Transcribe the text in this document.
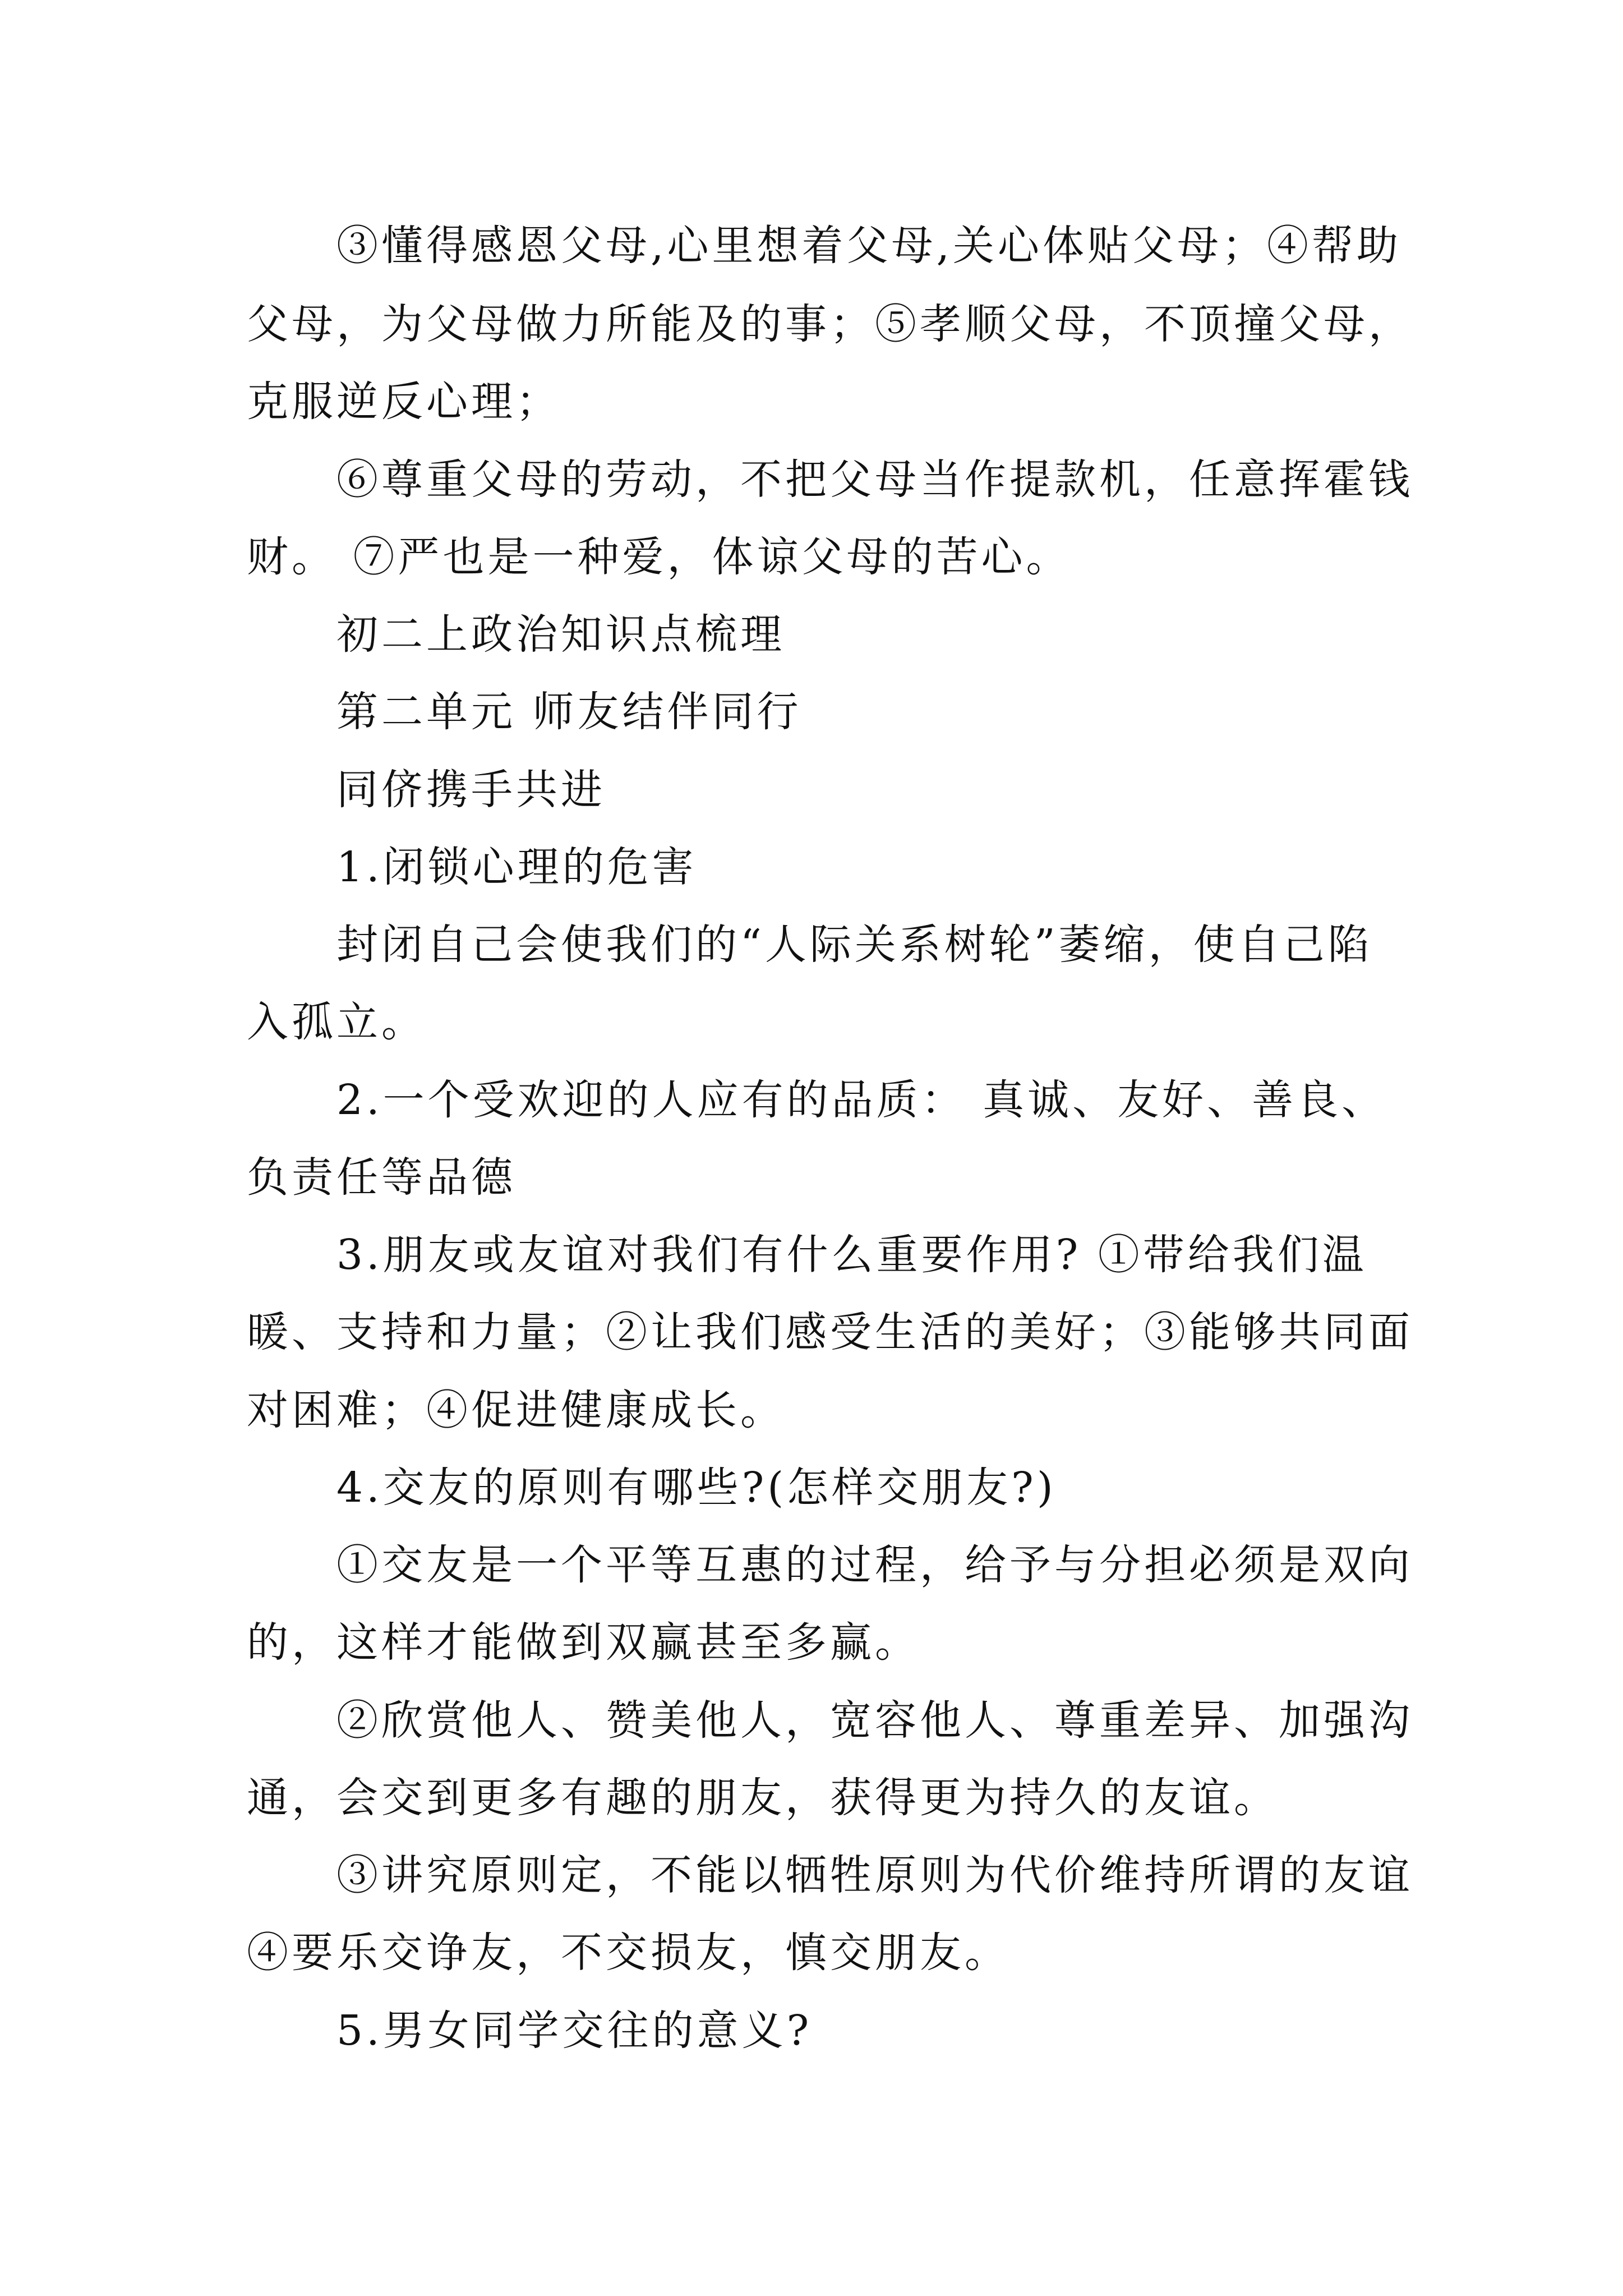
③懂得感恩父母,心里想着父母,关心体贴父母；④帮助

父母，为父母做力所能及的事；⑤孝顺父母，不顶撞父母，

克服逆反心理；

⑥尊重父母的劳动，不把父母当作提款机，任意挥霍钱

财。 ⑦严也是一种爱，体谅父母的苦心。

初二上政治知识点梳理

第二单元 师友结伴同行

同侪携手共进

1.闭锁心理的危害

封闭自己会使我们的“人际关系树轮”萎缩，使自己陷

入孤立。

2.一个受欢迎的人应有的品质： 真诚、友好、善良、

负责任等品德

3.朋友或友谊对我们有什么重要作用? ①带给我们温

暖、支持和力量；②让我们感受生活的美好；③能够共同面

对困难；④促进健康成长。

4.交友的原则有哪些?(怎样交朋友?)

①交友是一个平等互惠的过程，给予与分担必须是双向

的，这样才能做到双赢甚至多赢。

②欣赏他人、赞美他人，宽容他人、尊重差异、加强沟

通，会交到更多有趣的朋友，获得更为持久的友谊。

③讲究原则定，不能以牺牲原则为代价维持所谓的友谊

④要乐交诤友，不交损友，慎交朋友。

5.男女同学交往的意义?
